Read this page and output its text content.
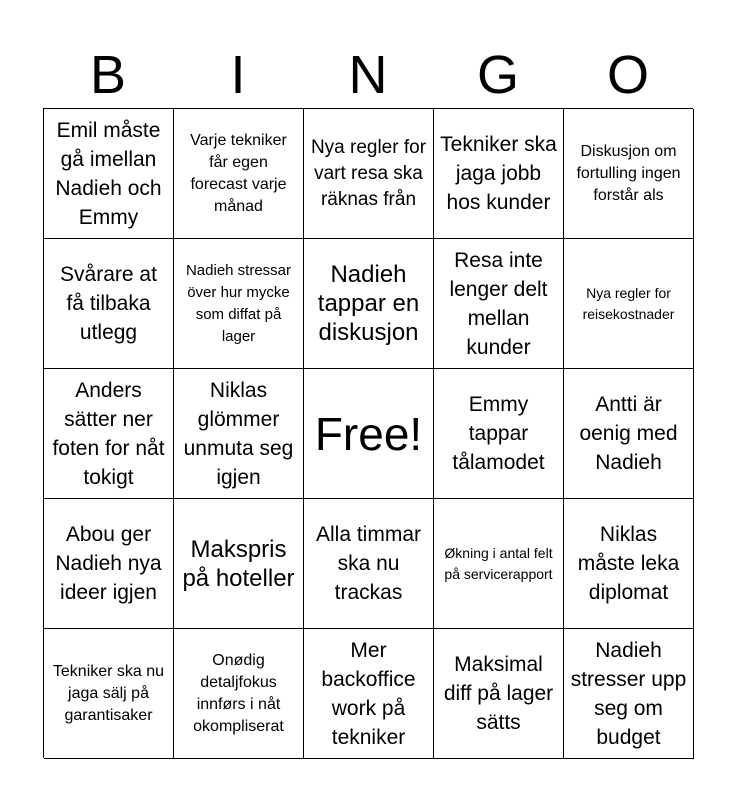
B	I	N	G	O
Emil måste gå imellan Nadieh och Emmy
Varje tekniker får egen forecast varje månad
Nya regler for vart resa ska räknas från
Tekniker ska jaga jobb hos kunder
Diskusjon om fortulling ingen forstår als
Svårare at få tilbaka utlegg
Nadieh stressar över hur mycke som diffat på lager
Nadieh tappar en diskusjon
Resa inte lenger delt mellan kunder
Nya regler for reisekostnader
Anders sätter ner foten for nåt tokigt
Niklas glömmer unmuta seg igjen
Free!
Emmy tappar tålamodet
Antti är oenig med Nadieh
Abou ger Nadieh nya ideer igjen
Makspris på hoteller
Alla timmar ska nu trackas
Økning i antal felt på servicerapport
Niklas måste leka diplomat
Tekniker ska nu jaga sälj på garantisaker
Onødig detaljfokus innførs i nåt okompliserat
Mer backoffice work på tekniker
Maksimal diff på lager sätts
Nadieh stresser upp seg om budget
